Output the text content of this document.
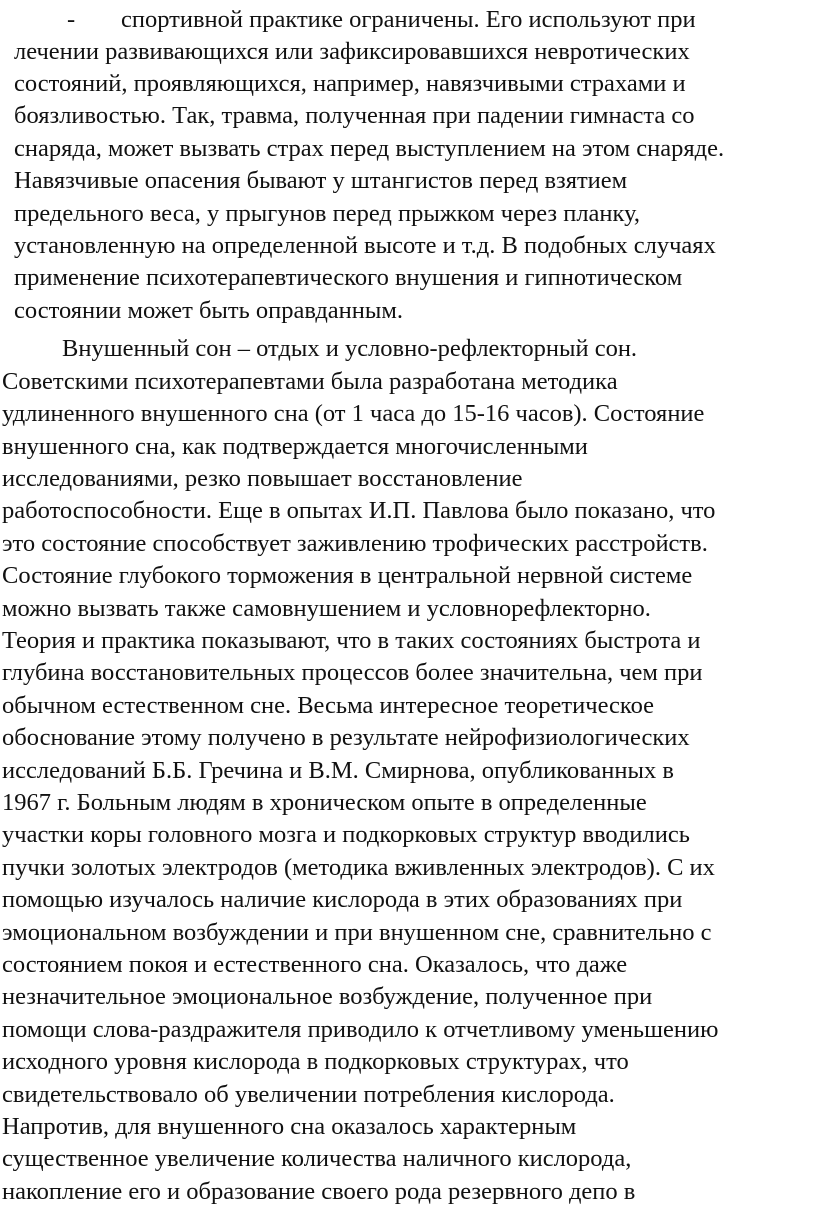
- спортивной практике ограничены. Его используют при
лечении развивающихся или зафиксировавшихся невротических
состояний, проявляющихся, например, навязчивыми страхами и
боязливостью. Так, травма, полученная при падении гимнаста со
снаряда, может вызвать страх перед выступлением на этом снаряде.
Навязчивые опасения бывают у штангистов перед взятием
предельного веса, у прыгунов перед прыжком через планку,
установленную на определенной высоте и т.д. В подобных случаях
применение психотерапевтического внушения и гипнотическом
состоянии может быть оправданным.
Внушенный сон – отдых и условно-рефлекторный сон.
Советскими психотерапевтами была разработана методика
удлиненного внушенного сна (от 1 часа до 15-16 часов). Состояние
внушенного сна, как подтверждается многочисленными
исследованиями, резко повышает восстановление
работоспособности. Еще в опытах И.П. Павлова было показано, что
это состояние способствует заживлению трофических расстройств.
Состояние глубокого торможения в центральной нервной системе
можно вызвать также самовнушением и условнорефлекторно.
Теория и практика показывают, что в таких состояниях быстрота и
глубина восстановительных процессов более значительна, чем при
обычном естественном сне. Весьма интересное теоретическое
обоснование этому получено в результате нейрофизиологических
исследований Б.Б. Гречина и В.М. Смирнова, опубликованных в
1967 г. Больным людям в хроническом опыте в определенные
участки коры головного мозга и подкорковых структур вводились
пучки золотых электродов (методика вживленных электродов). С их
помощью изучалось наличие кислорода в этих образованиях при
эмоциональном возбуждении и при внушенном сне, сравнительно с
состоянием покоя и естественного сна. Оказалось, что даже
незначительное эмоциональное возбуждение, полученное при
помощи слова-раздражителя приводило к отчетливому уменьшению
исходного уровня кислорода в подкорковых структурах, что
свидетельствовало об увеличении потребления кислорода.
Напротив, для внушенного сна оказалось характерным
существенное увеличение количества наличного кислорода,
накопление его и образование своего рода резервного депо в
